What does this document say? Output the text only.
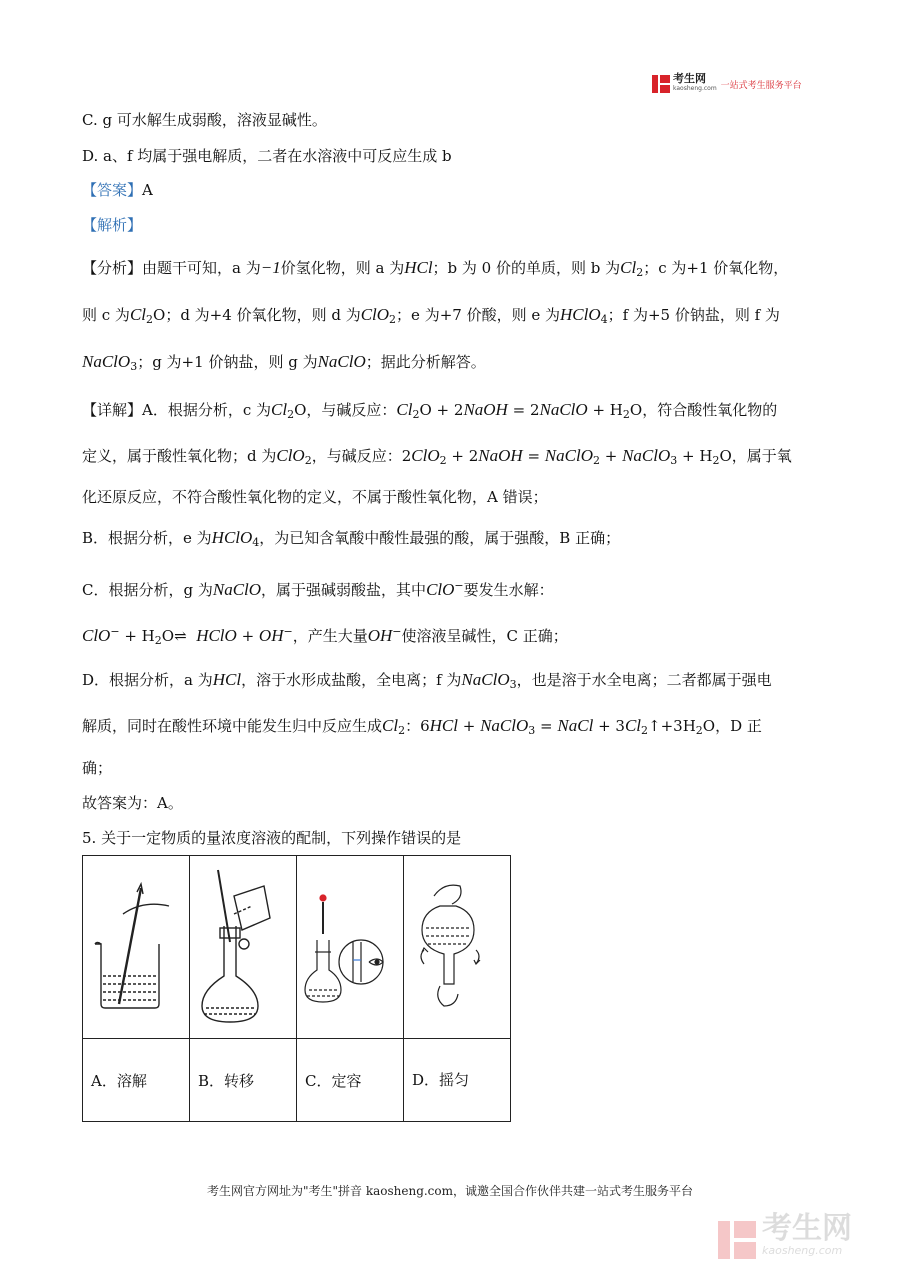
考生网
kaosheng.com 一站式考生服务平台
C. g 可水解生成弱酸，溶液显碱性。
D. a、f 均属于强电解质，二者在水溶液中可反应生成 b
【答案】A
【解析】
【分析】由题干可知，a 为−1价氢化物，则 a 为HCl；b 为 0 价的单质，则 b 为$Cl_2$；c 为+1 价氧化物，
则 c 为$Cl_2O$；d 为+4 价氧化物，则 d 为ClO$_2$；e 为+7 价酸，则 e 为HClO$_4$；f 为+5 价钠盐，则 f 为
NaClO$_3$；g 为+1 价钠盐，则 g 为NaClO；据此分析解答。
【详解】A．根据分析，c 为$Cl_2O$，与碱反应：$Cl_2O$ + 2NaOH = 2NaClO + $H_2O$，符合酸性氧化物的
定义，属于酸性氧化物；d 为ClO$_2$，与碱反应：2ClO$_2$ + 2NaOH = NaClO$_2$ + NaClO$_3$ + $H_2O$，属于氧
化还原反应，不符合酸性氧化物的定义，不属于酸性氧化物，A 错误；
B．根据分析，e 为HClO$_4$，为已知含氧酸中酸性最强的酸，属于强酸，B 正确；
C．根据分析，g 为NaClO，属于强碱弱酸盐，其中ClO−要发生水解：
$ClO^- + H_2O\rightleftharpoons$ HClO + OH−，产生大量OH−使溶液呈碱性，C 正确；
D．根据分析，a 为HCl，溶于水形成盐酸，全电离；f 为NaClO$_3$，也是溶于水全电离；二者都属于强电
解质，同时在酸性环境中能发生归中反应生成$Cl_2$：6HCl + NaClO$_3$ = NaCl + $3Cl_2↑+3H_2O$，D 正
确；
故答案为：A。
5. 关于一定物质的量浓度溶液的配制，下列操作错误的是

A．溶解	B．转移	C．定容	D．摇匀
考生网官方网址为"考生"拼音 kaosheng.com，诚邀全国合作伙伴共建一站式考生服务平台
考生网
kaosheng.com
